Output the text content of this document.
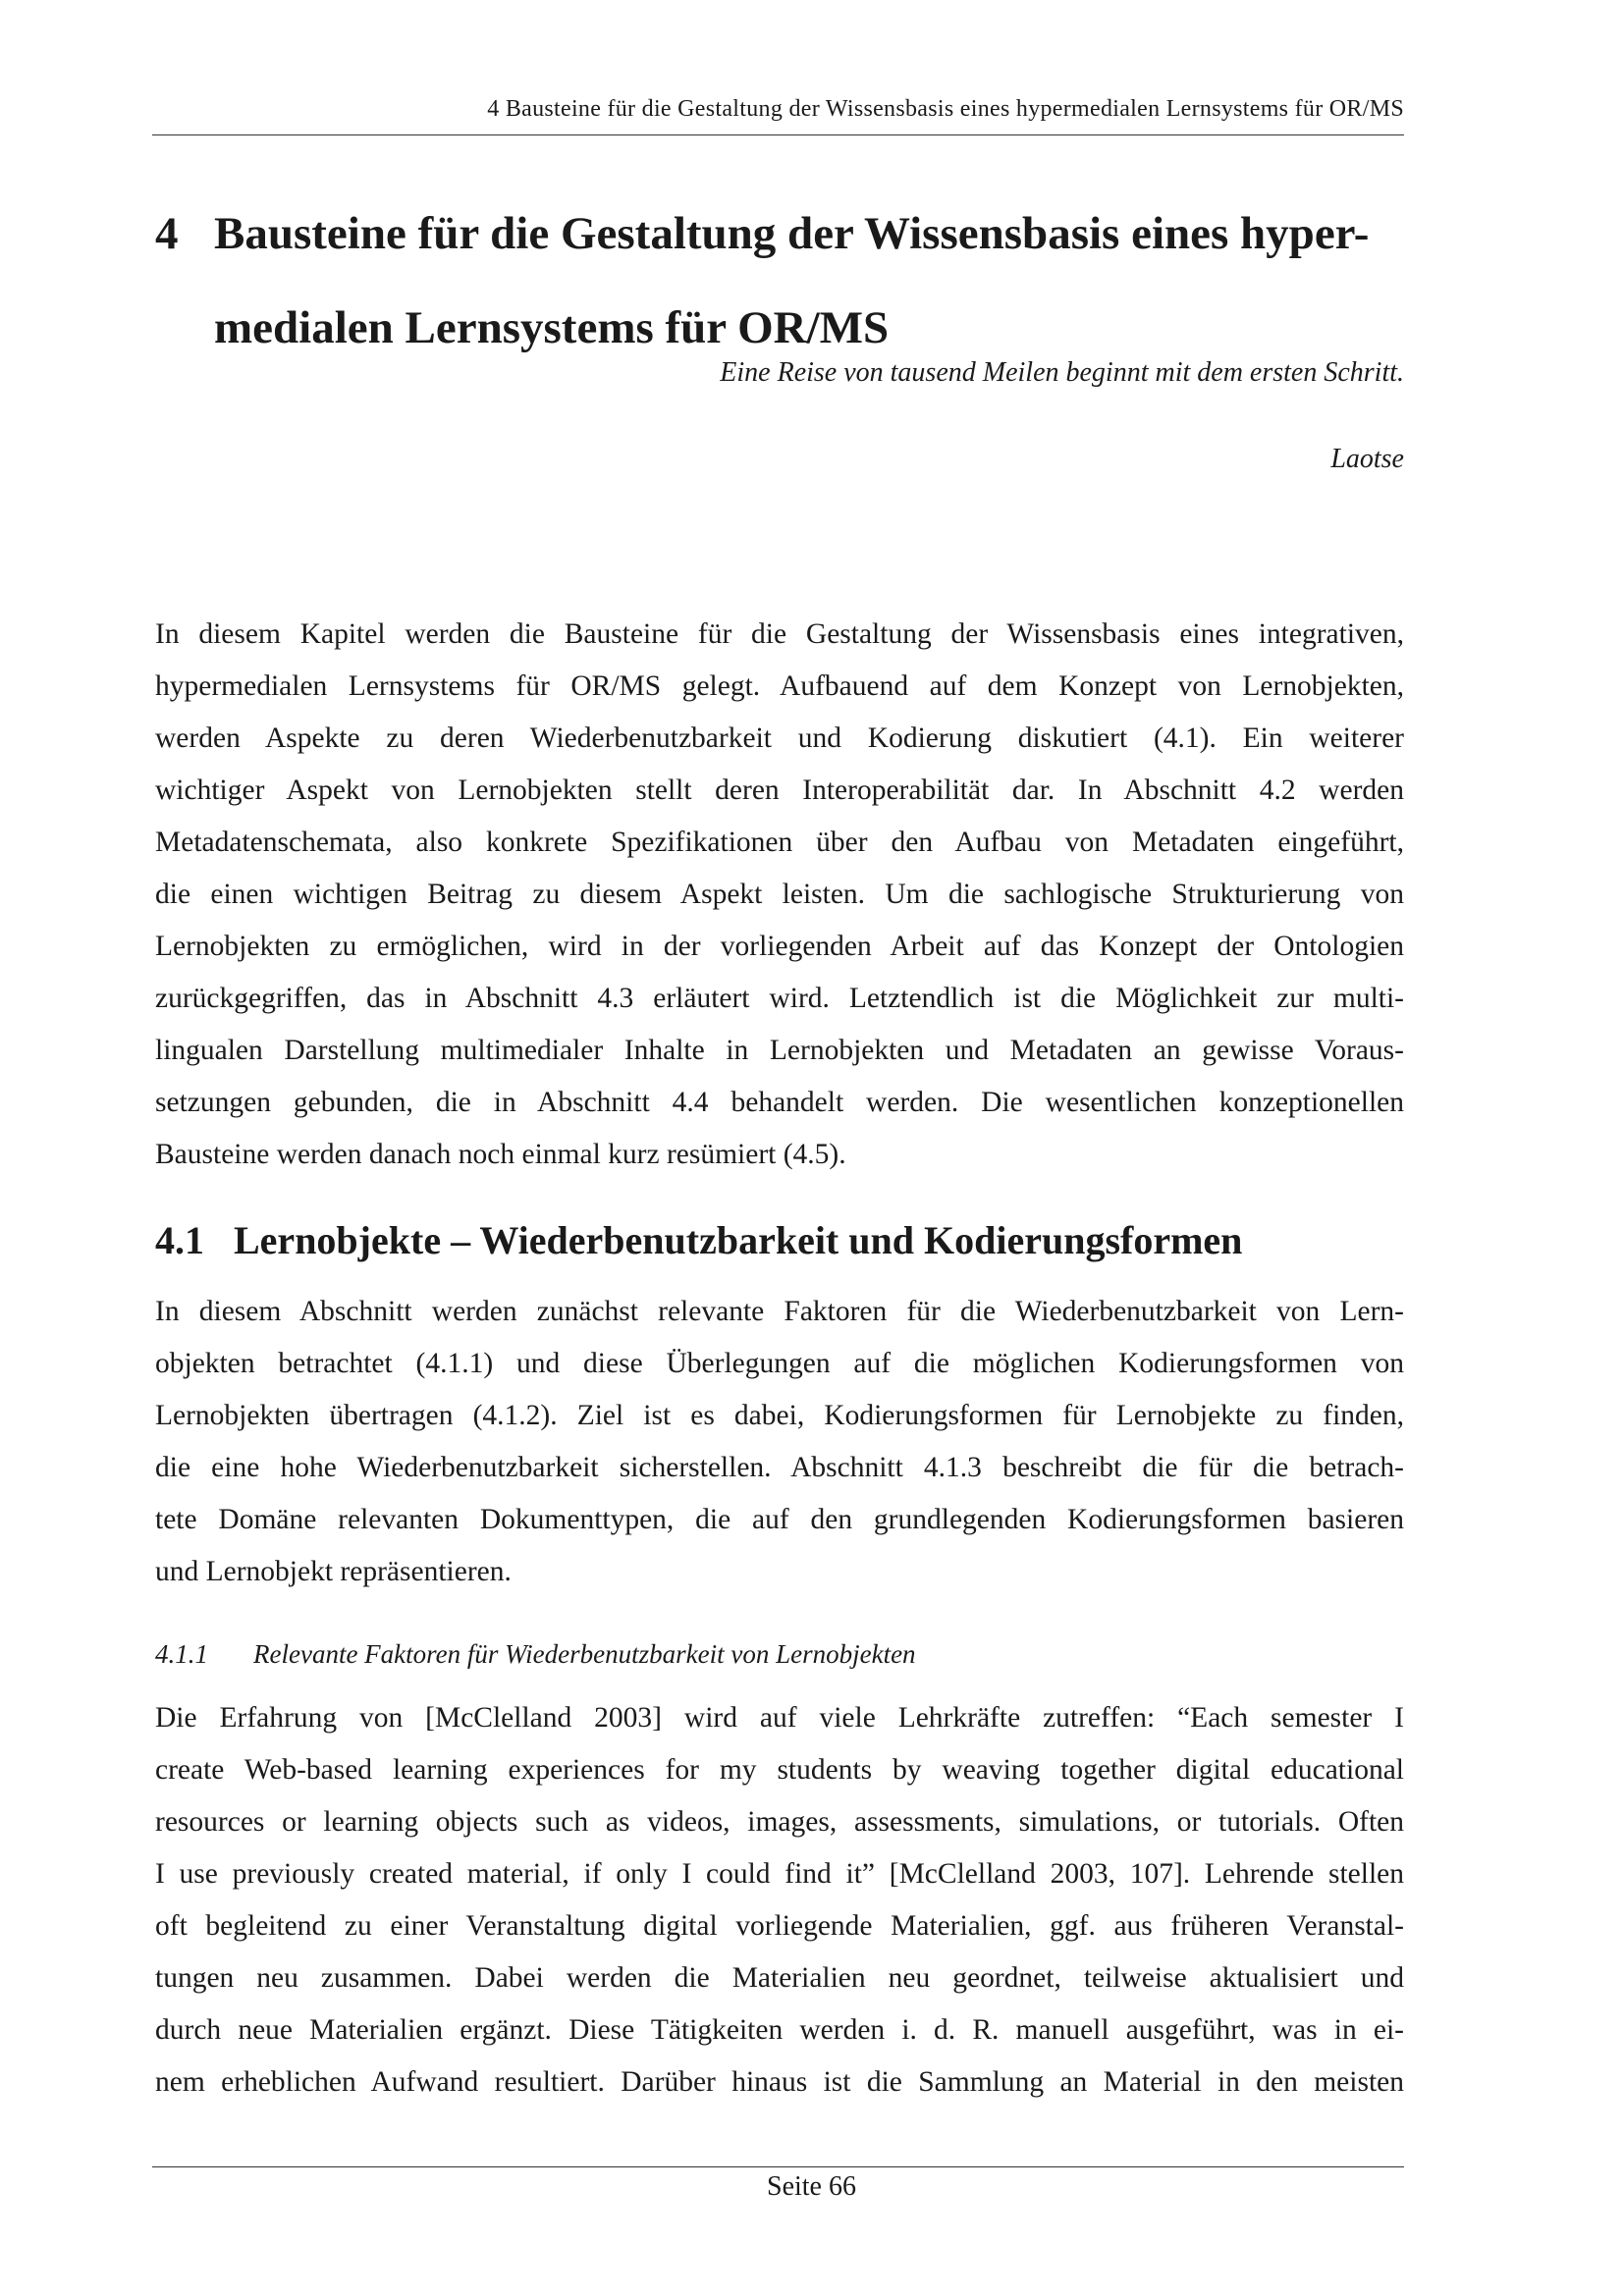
4 Bausteine für die Gestaltung der Wissensbasis eines hypermedialen Lernsystems für OR/MS
4 Bausteine für die Gestaltung der Wissensbasis eines hyper-
medialen Lernsystems für OR/MS
Eine Reise von tausend Meilen beginnt mit dem ersten Schritt.
Laotse
In diesem Kapitel werden die Bausteine für die Gestaltung der Wissensbasis eines integrativen,
hypermedialen Lernsystems für OR/MS gelegt. Aufbauend auf dem Konzept von Lernobjekten,
werden Aspekte zu deren Wiederbenutzbarkeit und Kodierung diskutiert (4.1). Ein weiterer
wichtiger Aspekt von Lernobjekten stellt deren Interoperabilität dar. In Abschnitt 4.2 werden
Metadatenschemata, also konkrete Spezifikationen über den Aufbau von Metadaten eingeführt,
die einen wichtigen Beitrag zu diesem Aspekt leisten. Um die sachlogische Strukturierung von
Lernobjekten zu ermöglichen, wird in der vorliegenden Arbeit auf das Konzept der Ontologien
zurückgegriffen, das in Abschnitt 4.3 erläutert wird. Letztendlich ist die Möglichkeit zur multi-
lingualen Darstellung multimedialer Inhalte in Lernobjekten und Metadaten an gewisse Voraus-
setzungen gebunden, die in Abschnitt 4.4 behandelt werden. Die wesentlichen konzeptionellen
Bausteine werden danach noch einmal kurz resümiert (4.5).
4.1 Lernobjekte – Wiederbenutzbarkeit und Kodierungsformen
In diesem Abschnitt werden zunächst relevante Faktoren für die Wiederbenutzbarkeit von Lern-
objekten betrachtet (4.1.1) und diese Überlegungen auf die möglichen Kodierungsformen von
Lernobjekten übertragen (4.1.2). Ziel ist es dabei, Kodierungsformen für Lernobjekte zu finden,
die eine hohe Wiederbenutzbarkeit sicherstellen. Abschnitt 4.1.3 beschreibt die für die betrach-
tete Domäne relevanten Dokumenttypen, die auf den grundlegenden Kodierungsformen basieren
und Lernobjekt repräsentieren.
4.1.1 Relevante Faktoren für Wiederbenutzbarkeit von Lernobjekten
Die Erfahrung von [McClelland 2003] wird auf viele Lehrkräfte zutreffen: “Each semester I
create Web-based learning experiences for my students by weaving together digital educational
resources or learning objects such as videos, images, assessments, simulations, or tutorials. Often
I use previously created material, if only I could find it” [McClelland 2003, 107]. Lehrende stellen
oft begleitend zu einer Veranstaltung digital vorliegende Materialien, ggf. aus früheren Veranstal-
tungen neu zusammen. Dabei werden die Materialien neu geordnet, teilweise aktualisiert und
durch neue Materialien ergänzt. Diese Tätigkeiten werden i. d. R. manuell ausgeführt, was in ei-
nem erheblichen Aufwand resultiert. Darüber hinaus ist die Sammlung an Material in den meisten
Seite 66
